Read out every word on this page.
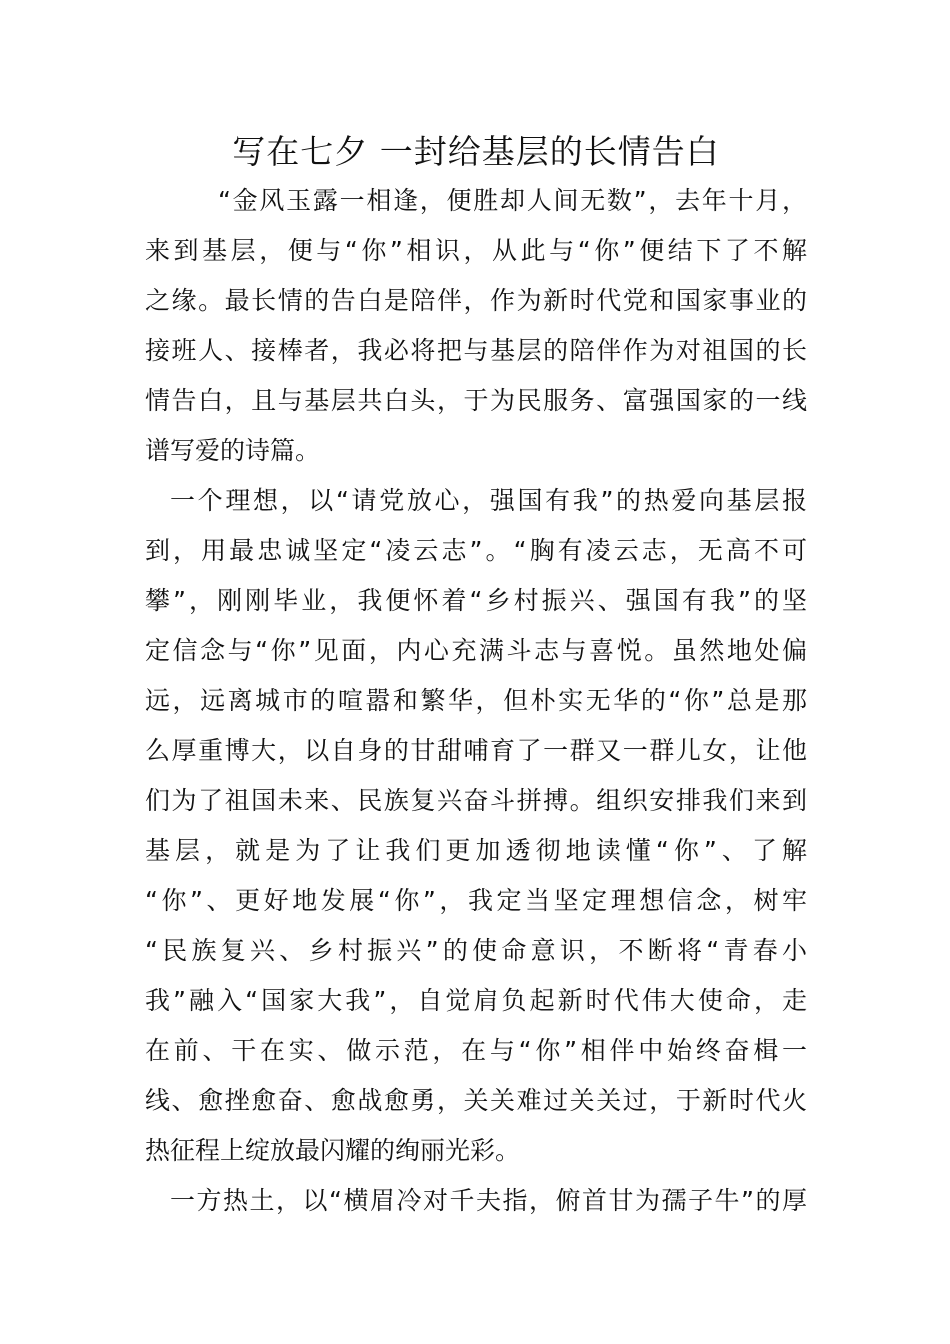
写在七夕 一封给基层的长情告白

“金风玉露一相逢，便胜却人间无数”，去年十月，

来到基层，便与“你”相识，从此与“你”便结下了不解

之缘。最长情的告白是陪伴，作为新时代党和国家事业的

接班人、接棒者，我必将把与基层的陪伴作为对祖国的长

情告白，且与基层共白头，于为民服务、富强国家的一线

谱写爱的诗篇。

一个理想，以“请党放心，强国有我”的热爱向基层报

到，用最忠诚坚定“凌云志”。“胸有凌云志，无高不可

攀”，刚刚毕业，我便怀着“乡村振兴、强国有我”的坚

定信念与“你”见面，内心充满斗志与喜悦。虽然地处偏

远，远离城市的喧嚣和繁华，但朴实无华的“你”总是那

么厚重博大，以自身的甘甜哺育了一群又一群儿女，让他

们为了祖国未来、民族复兴奋斗拼搏。组织安排我们来到

基层，就是为了让我们更加透彻地读懂“你”、了解

“你”、更好地发展“你”，我定当坚定理想信念，树牢

“民族复兴、乡村振兴”的使命意识，不断将“青春小

我”融入“国家大我”，自觉肩负起新时代伟大使命，走

在前、干在实、做示范，在与“你”相伴中始终奋楫一

线、愈挫愈奋、愈战愈勇，关关难过关关过，于新时代火

热征程上绽放最闪耀的绚丽光彩。

一方热土，以“横眉冷对千夫指，俯首甘为孺子牛”的厚
